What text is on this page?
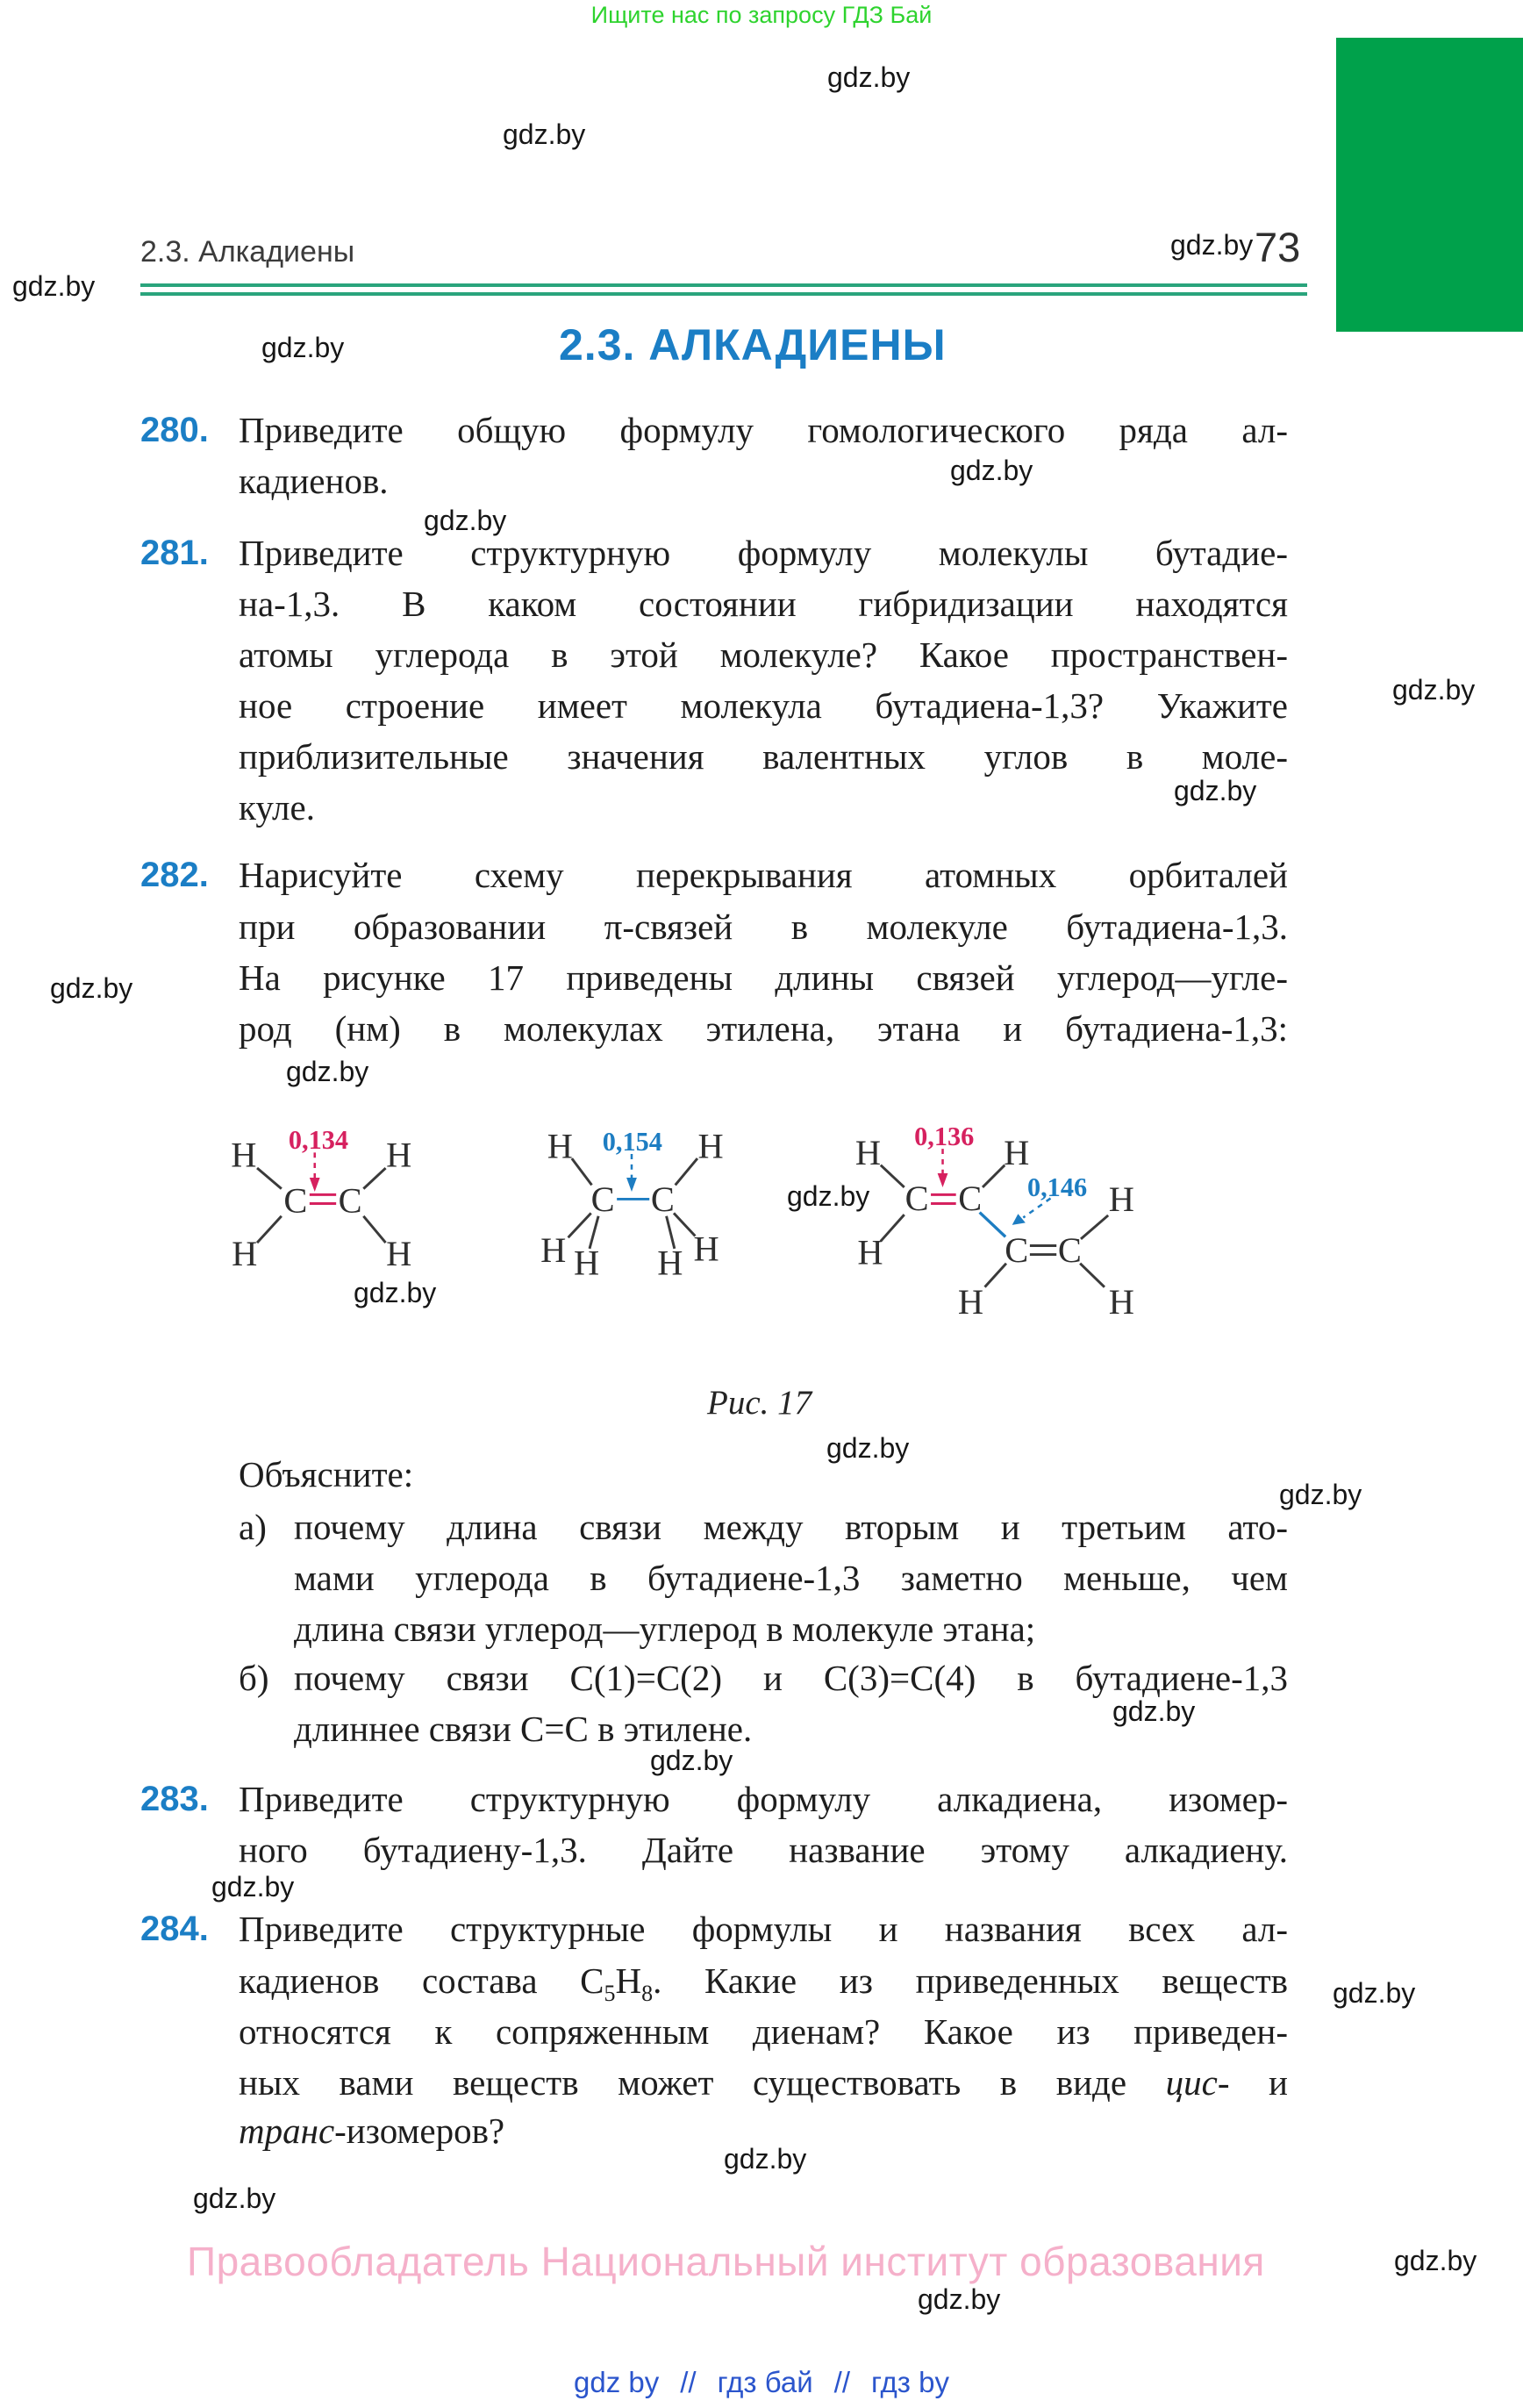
Ищите нас по запросу ГДЗ Бай
2.3. Алкадиены	73
2.3. АЛКАДИЕНЫ
280. Приведите общую формулу гомологического ряда ал-
кадиенов.
281. Приведите структурную формулу молекулы бутадие-
на-1,3. В каком состоянии гибридизации находятся
атомы углерода в этой молекуле? Какое пространствен-
ное строение имеет молекула бутадиена-1,3? Укажите
приблизительные значения валентных углов в моле-
куле.
282. Нарисуйте схему перекрывания атомных орбиталей
при образовании π-связей в молекуле бутадиена-1,3.
На рисунке 17 приведены длины связей углерод—угле-
род (нм) в молекулах этилена, этана и бутадиена-1,3:
0,134
H	H
H	H
C C
0,154
H	H
H H H H
C C
0,136
0,146
H	H
H
H
H	H
C C
C C
Рис. 17
Объясните:
а) почему длина связи между вторым и третьим ато-
мами углерода в бутадиене-1,3 заметно меньше, чем
длина связи углерод—углерод в молекуле этана;
б) почему связи C(1)=C(2) и C(3)=C(4) в бутадиене-1,3
длиннее связи C=C в этилене.
283. Приведите структурную формулу алкадиена, изомер-
ного бутадиену-1,3. Дайте название этому алкадиену.
284. Приведите структурные формулы и названия всех ал-
кадиенов состава $C_5H_8$. Какие из приведенных веществ
относятся к сопряженным диенам? Какое из приведен-
ных вами веществ может существовать в виде цис- и
транс-изомеров?
Правообладатель Национальный институт образования
gdz by // гдз бай // гдз by
gdz.by
gdz.by
gdz.by
gdz.by
gdz.by
gdz.by
gdz.by
gdz.by
gdz.by
gdz.by
gdz.by
gdz.by
gdz.by
gdz.by
gdz.by
gdz.by
gdz.by
gdz.by
gdz.by
gdz.by
gdz.by
gdz.by
gdz.by
